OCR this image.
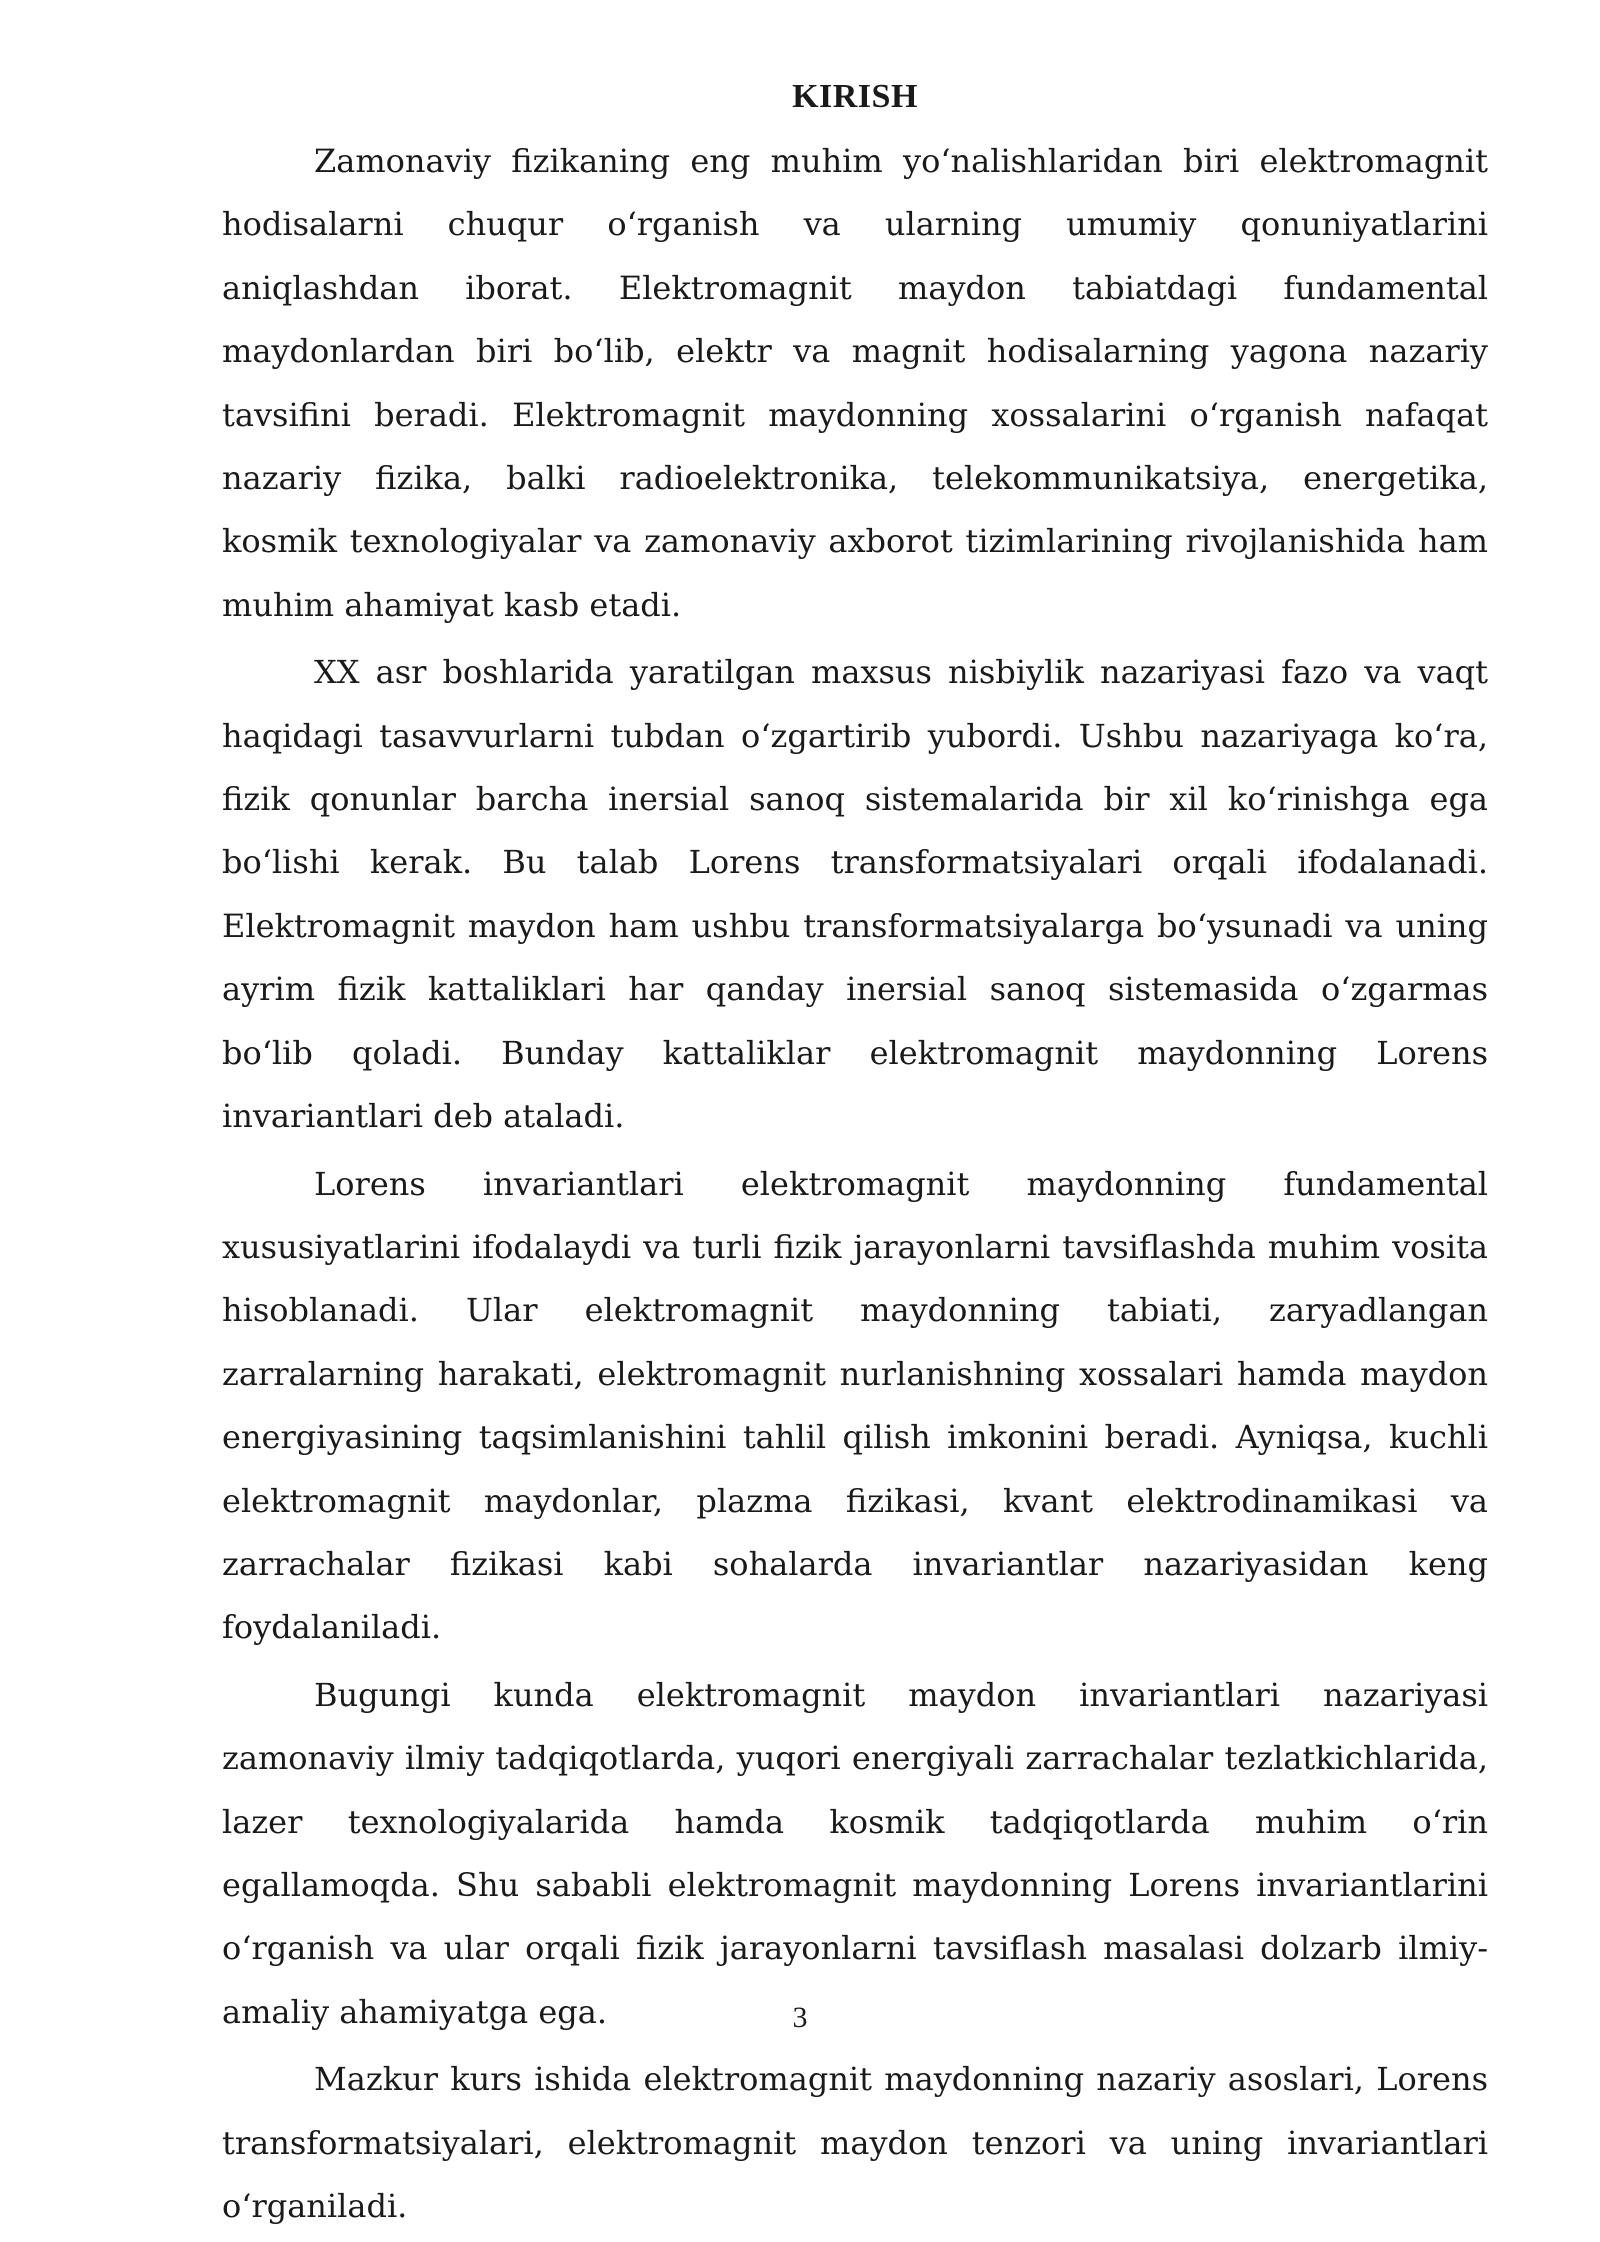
KIRISH

Zamonaviy fizikaning eng muhim yo‘nalishlaridan biri elektromagnit hodisalarni chuqur o‘rganish va ularning umumiy qonuniyatlarini aniqlashdan iborat. Elektromagnit maydon tabiatdagi fundamental maydonlardan biri bo‘lib, elektr va magnit hodisalarning yagona nazariy tavsifini beradi. Elektromagnit maydonning xossalarini o‘rganish nafaqat nazariy fizika, balki radioelektronika, telekommunikatsiya, energetika, kosmik texnologiyalar va zamonaviy axborot tizimlarining rivojlanishida ham muhim ahamiyat kasb etadi.

XX asr boshlarida yaratilgan maxsus nisbiylik nazariyasi fazo va vaqt haqidagi tasavvurlarni tubdan o‘zgartirib yubordi. Ushbu nazariyaga ko‘ra, fizik qonunlar barcha inersial sanoq sistemalarida bir xil ko‘rinishga ega bo‘lishi kerak. Bu talab Lorens transformatsiyalari orqali ifodalanadi. Elektromagnit maydon ham ushbu transformatsiyalarga bo‘ysunadi va uning ayrim fizik kattaliklari har qanday inersial sanoq sistemasida o‘zgarmas bo‘lib qoladi. Bunday kattaliklar elektromagnit maydonning Lorens invariantlari deb ataladi.

Lorens invariantlari elektromagnit maydonning fundamental xususiyatlarini ifodalaydi va turli fizik jarayonlarni tavsiflashda muhim vosita hisoblanadi. Ular elektromagnit maydonning tabiati, zaryadlangan zarralarning harakati, elektromagnit nurlanishning xossalari hamda maydon energiyasining taqsimlanishini tahlil qilish imkonini beradi. Ayniqsa, kuchli elektromagnit maydonlar, plazma fizikasi, kvant elektrodinamikasi va zarrachalar fizikasi kabi sohalarda invariantlar nazariyasidan keng foydalaniladi.

Bugungi kunda elektromagnit maydon invariantlari nazariyasi zamonaviy ilmiy tadqiqotlarda, yuqori energiyali zarrachalar tezlatkichlarida, lazer texnologiyalarida hamda kosmik tadqiqotlarda muhim o‘rin egallamoqda. Shu sababli elektromagnit maydonning Lorens invariantlarini o‘rganish va ular orqali fizik jarayonlarni tavsiflash masalasi dolzarb ilmiy-amaliy ahamiyatga ega.

Mazkur kurs ishida elektromagnit maydonning nazariy asoslari, Lorens transformatsiyalari, elektromagnit maydon tenzori va uning invariantlari o‘rganiladi.

3
